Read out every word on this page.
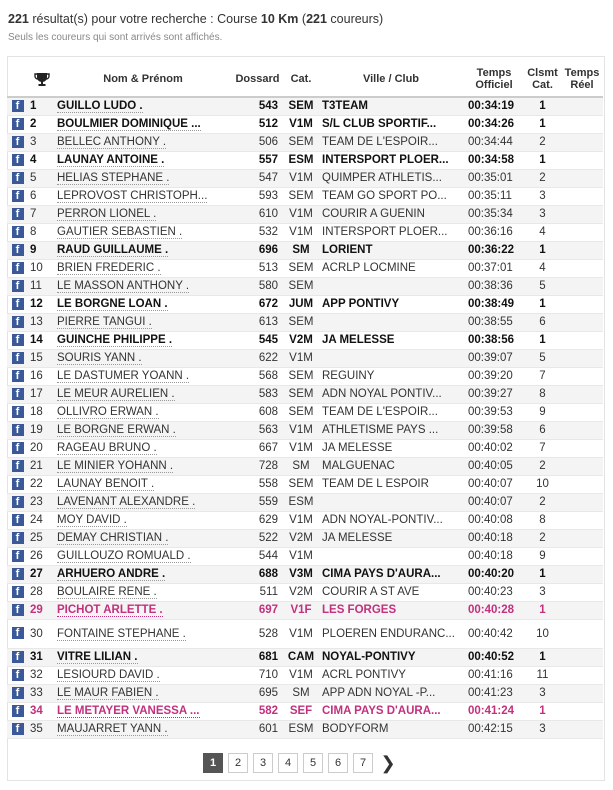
221 résultat(s) pour votre recherche : Course 10 Km (221 coureurs)
Seuls les coureurs qui sont arrivés sont affichés.
		Nom & Prénom	Dossard	Cat.	Ville / Club	Temps Officiel	Clsmt Cat.	Temps Réel
f	1	GUILLO LUDO .	543	SEM	T3TEAM	00:34:19	1	
f	2	BOULMIER DOMINIQUE ...	512	V1M	S/L CLUB SPORTIF...	00:34:26	1	
f	3	BELLEC ANTHONY .	506	SEM	TEAM DE L'ESPOIR...	00:34:44	2	
f	4	LAUNAY ANTOINE .	557	ESM	INTERSPORT PLOER...	00:34:58	1	
f	5	HELIAS STEPHANE .	547	V1M	QUIMPER ATHLETIS...	00:35:01	2	
f	6	LEPROVOST CHRISTOPH...	593	SEM	TEAM GO SPORT PO...	00:35:11	3	
f	7	PERRON LIONEL .	610	V1M	COURIR A GUENIN	00:35:34	3	
f	8	GAUTIER SEBASTIEN .	532	V1M	INTERSPORT PLOER...	00:36:16	4	
f	9	RAUD GUILLAUME .	696	SM	LORIENT	00:36:22	1	
f	10	BRIEN FREDERIC .	513	SEM	ACRLP LOCMINE	00:37:01	4	
f	11	LE MASSON ANTHONY .	580	SEM		00:38:36	5	
f	12	LE BORGNE LOAN .	672	JUM	APP PONTIVY	00:38:49	1	
f	13	PIERRE TANGUI .	613	SEM		00:38:55	6	
f	14	GUINCHE PHILIPPE .	545	V2M	JA MELESSE	00:38:56	1	
f	15	SOURIS YANN .	622	V1M		00:39:07	5	
f	16	LE DASTUMER YOANN .	568	SEM	REGUINY	00:39:20	7	
f	17	LE MEUR AURELIEN .	583	SEM	ADN NOYAL PONTIV...	00:39:27	8	
f	18	OLLIVRO ERWAN .	608	SEM	TEAM DE L'ESPOIR...	00:39:53	9	
f	19	LE BORGNE ERWAN .	563	V1M	ATHLETISME PAYS ...	00:39:58	6	
f	20	RAGEAU BRUNO .	667	V1M	JA MELESSE	00:40:02	7	
f	21	LE MINIER YOHANN .	728	SM	MALGUENAC	00:40:05	2	
f	22	LAUNAY BENOIT .	558	SEM	TEAM DE L ESPOIR	00:40:07	10	
f	23	LAVENANT ALEXANDRE .	559	ESM		00:40:07	2	
f	24	MOY DAVID .	629	V1M	ADN NOYAL-PONTIV...	00:40:08	8	
f	25	DEMAY CHRISTIAN .	522	V2M	JA MELESSE	00:40:18	2	
f	26	GUILLOUZO ROMUALD .	544	V1M		00:40:18	9	
f	27	ARHUERO ANDRE .	688	V3M	CIMA PAYS D'AURA...	00:40:20	1	
f	28	BOULAIRE RENE .	511	V2M	COURIR A ST AVE	00:40:23	3	
f	29	PICHOT ARLETTE .	697	V1F	LES FORGES	00:40:28	1	
f	30	FONTAINE STEPHANE .	528	V1M	PLOEREN ENDURANC...	00:40:42	10	
f	31	VITRE LILIAN .	681	CAM	NOYAL-PONTIVY	00:40:52	1	
f	32	LESIOURD DAVID .	710	V1M	ACRL PONTIVY	00:41:16	11	
f	33	LE MAUR FABIEN .	695	SM	APP ADN NOYAL -P...	00:41:23	3	
f	34	LE METAYER VANESSA ...	582	SEF	CIMA PAYS D'AURA...	00:41:24	1	
f	35	MAUJARRET YANN .	601	ESM	BODYFORM	00:42:15	3	
1	2	3	4	5	6	7 ❯
